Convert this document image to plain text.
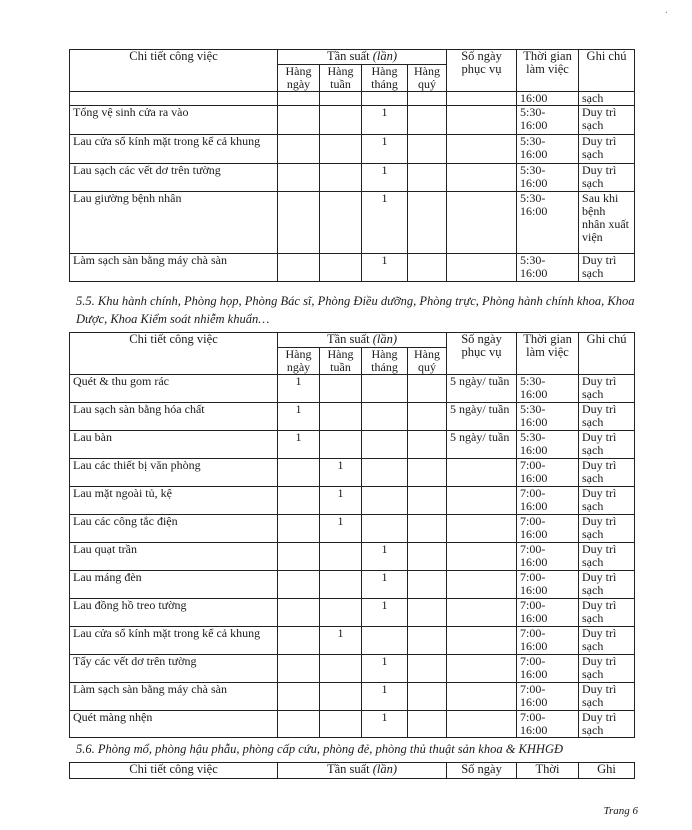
·
Chi tiết công việc	Tần suất (lần)				Số ngày phục vụ	Thời gian làm việc	Ghi chú
	Hàng ngày	Hàng tuần	Hàng tháng	Hàng quý			
						16:00	sạch
Tổng vệ sinh cửa ra vào			1			5:30- 16:00	Duy trì sạch
Lau cửa sổ kính mặt trong kể cả khung			1			5:30- 16:00	Duy trì sạch
Lau sạch các vết dơ trên tường			1			5:30- 16:00	Duy trì sạch
Lau giường bệnh nhân			1			5:30- 16:00	Sau khi bệnh nhân xuất viện
Làm sạch sàn bằng máy chà sàn			1			5:30- 16:00	Duy trì sạch

5.5. Khu hành chính, Phòng họp, Phòng Bác sĩ, Phòng Điều dưỡng, Phòng trực, Phòng hành chính khoa, Khoa Dược, Khoa Kiểm soát nhiễm khuẩn…

Chi tiết công việc	Tần suất (lần)				Số ngày phục vụ	Thời gian làm việc	Ghi chú
	Hàng ngày	Hàng tuần	Hàng tháng	Hàng quý			
Quét & thu gom rác	1				5 ngày/ tuần	5:30- 16:00	Duy trì sạch
Lau sạch sàn bằng hóa chất	1				5 ngày/ tuần	5:30- 16:00	Duy trì sạch
Lau bàn	1				5 ngày/ tuần	5:30- 16:00	Duy trì sạch
Lau các thiết bị văn phòng		1				7:00- 16:00	Duy trì sạch
Lau mặt ngoài tủ, kệ		1				7:00- 16:00	Duy trì sạch
Lau các công tắc điện		1				7:00- 16:00	Duy trì sạch
Lau quạt trần			1			7:00- 16:00	Duy trì sạch
Lau máng đèn			1			7:00- 16:00	Duy trì sạch
Lau đồng hồ treo tường			1			7:00- 16:00	Duy trì sạch
Lau cửa sổ kính mặt trong kể cả khung		1				7:00- 16:00	Duy trì sạch
Tẩy các vết dơ trên tường			1			7:00- 16:00	Duy trì sạch
Làm sạch sàn bằng máy chà sàn			1			7:00- 16:00	Duy trì sạch
Quét màng nhện			1			7:00- 16:00	Duy trì sạch

5.6. Phòng mổ, phòng hậu phẫu, phòng cấp cứu, phòng đẻ, phòng thủ thuật sản khoa & KHHGĐ

Chi tiết công việc	Tần suất (lần)	Số ngày	Thời	Ghi
Trang 6
